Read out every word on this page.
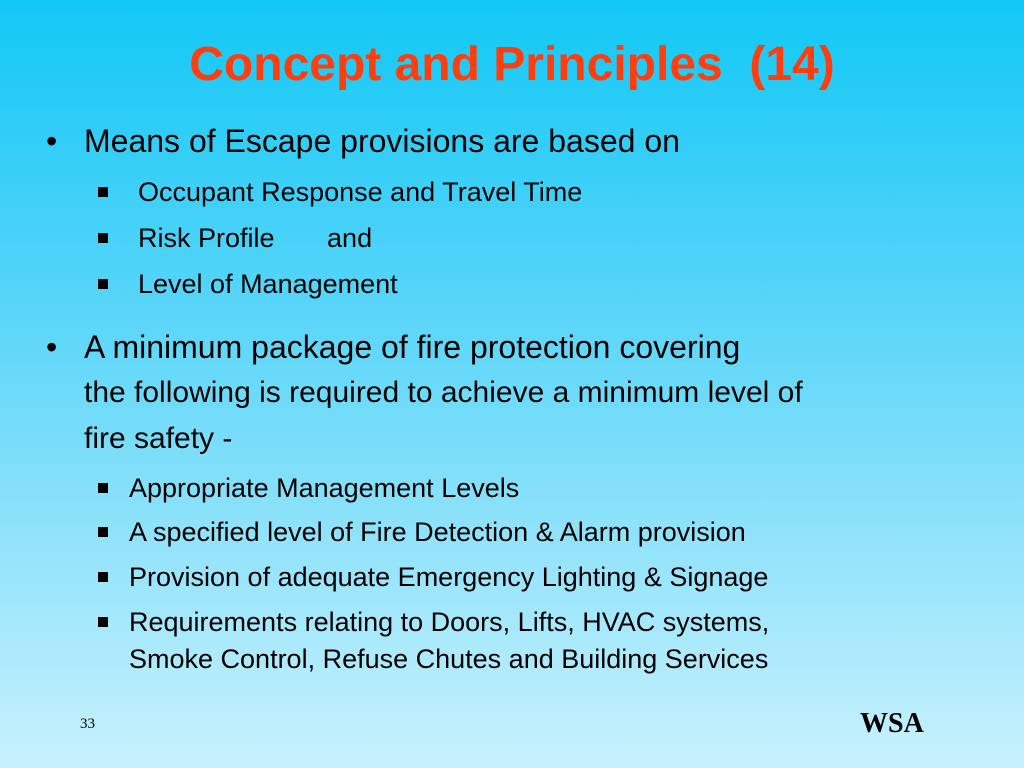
Concept and Principles  (14)

•

Means of Escape provisions are based on

Occupant Response and Travel Time

Risk Profile       and

Level of Management

•

A minimum package of fire protection covering

the following is required to achieve a minimum level of
fire safety -

Appropriate Management Levels

A specified level of Fire Detection & Alarm provision

Provision of adequate Emergency Lighting & Signage

Requirements relating to Doors, Lifts, HVAC systems,

Smoke Control, Refuse Chutes and Building Services

33	WSA
